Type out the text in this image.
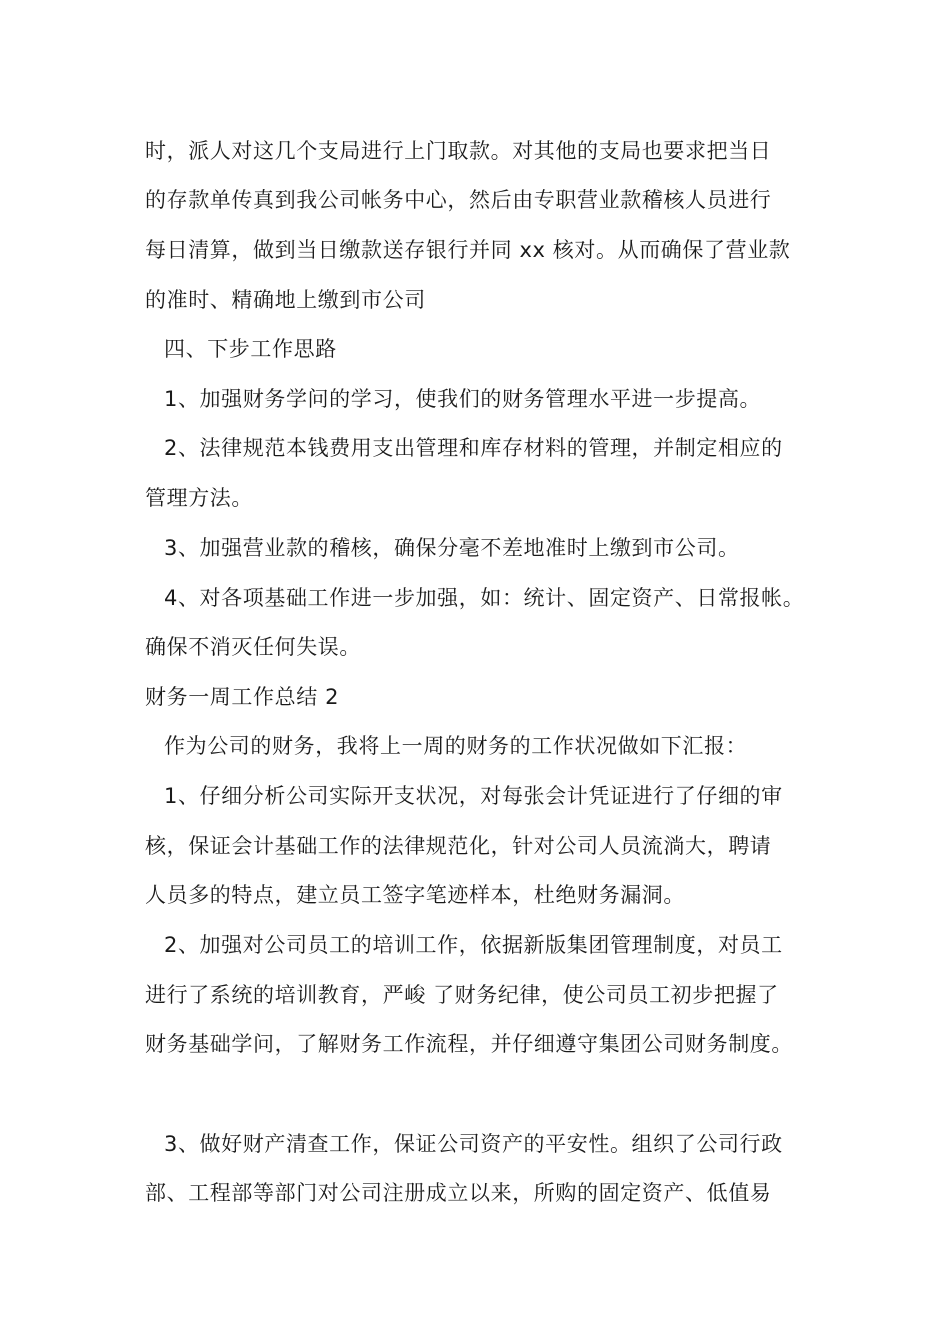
时，派人对这几个支局进行上门取款。对其他的支局也要求把当日
的存款单传真到我公司帐务中心，然后由专职营业款稽核人员进行
每日清算，做到当日缴款送存银行并同 xx 核对。从而确保了营业款
的准时、精确地上缴到市公司
四、下步工作思路
1、加强财务学问的学习，使我们的财务管理水平进一步提高。
2、法律规范本钱费用支出管理和库存材料的管理，并制定相应的
管理方法。
3、加强营业款的稽核，确保分毫不差地准时上缴到市公司。
4、对各项基础工作进一步加强，如：统计、固定资产、日常报帐。
确保不消灭任何失误。
财务一周工作总结 2
作为公司的财务，我将上一周的财务的工作状况做如下汇报：
1、仔细分析公司实际开支状况，对每张会计凭证进行了仔细的审
核，保证会计基础工作的法律规范化，针对公司人员流淌大，聘请
人员多的特点，建立员工签字笔迹样本，杜绝财务漏洞。
2、加强对公司员工的培训工作，依据新版集团管理制度，对员工
进行了系统的培训教育，严峻 了财务纪律，使公司员工初步把握了
财务基础学问，了解财务工作流程，并仔细遵守集团公司财务制度。
3、做好财产清查工作，保证公司资产的平安性。组织了公司行政
部、工程部等部门对公司注册成立以来，所购的固定资产、低值易
